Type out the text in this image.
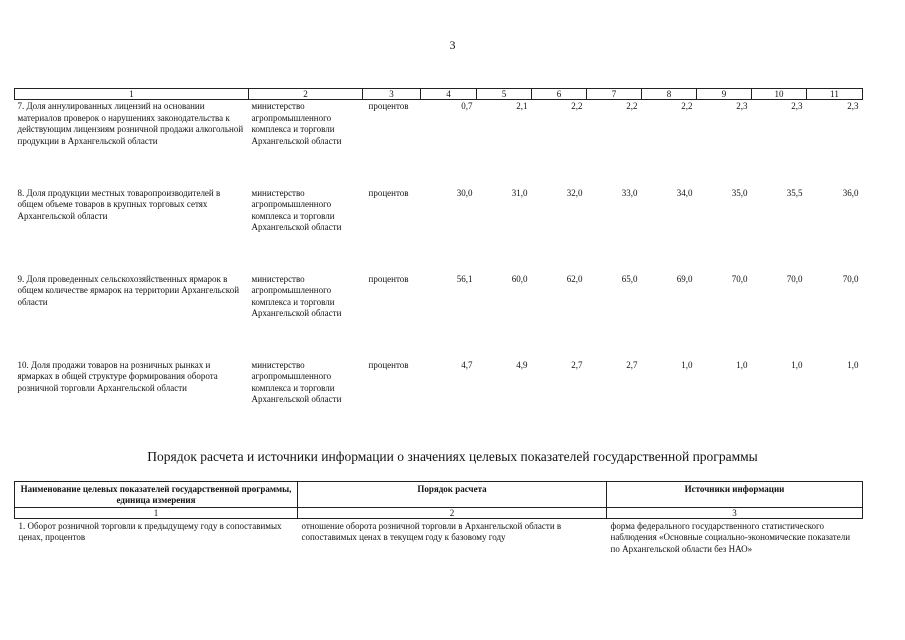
3
1	2	3	4	5	6	7	8	9	10	11
7. Доля аннулированных лицензий на основании материалов проверок о нарушениях законодательства к действующим лицензиям розничной продажи алкогольной продукции в Архангельской области	министерство агропромышленного комплекса и торговли Архангельской области	процентов	0,7	2,1	2,2	2,2	2,2	2,3	2,3	2,3
8. Доля продукции местных товаропроизводителей в общем объеме товаров в крупных торговых сетях Архангельской области	министерство агропромышленного комплекса и торговли Архангельской области	процентов	30,0	31,0	32,0	33,0	34,0	35,0	35,5	36,0
9. Доля проведенных сельскохозяйственных ярмарок в общем количестве ярмарок на территории Архангельской области	министерство агропромышленного комплекса и торговли Архангельской области	процентов	56,1	60,0	62,0	65,0	69,0	70,0	70,0	70,0
10. Доля продажи товаров на розничных рынках и ярмарках в общей структуре формирования оборота розничной торговли Архангельской области	министерство агропромышленного комплекса и торговли Архангельской области	процентов	4,7	4,9	2,7	2,7	1,0	1,0	1,0	1,0
Порядок расчета и источники информации о значениях целевых показателей государственной программы
Наименование целевых показателей государственной программы, единица измерения	Порядок расчета	Источники информации
1	2	3
1. Оборот розничной торговли к предыдущему году в сопоставимых ценах, процентов	отношение оборота розничной торговли в Архангельской области в сопоставимых ценах в текущем году к базовому году	форма федерального государственного статистического наблюдения «Основные социально-экономические показатели по Архангельской области без НАО»
